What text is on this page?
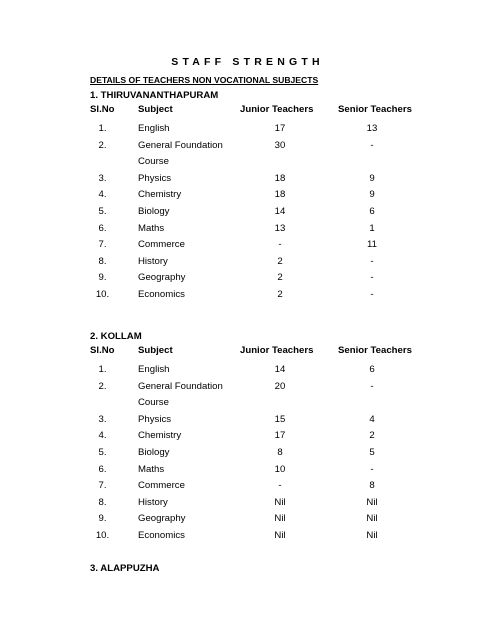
STAFF STRENGTH
DETAILS OF TEACHERS NON VOCATIONAL SUBJECTS
1. THIRUVANANTHAPURAM
Sl.No Subject	Junior Teachers	Senior Teachers
1.	English	17	13
2.	General Foundation	30	-
Course
3.	Physics	18	9
4.	Chemistry	18	9
5.	Biology	14	6
6.	Maths	13	1
7.	Commerce	-	11
8.	History	2	-
9.	Geography	2	-
10.	Economics	2	-
2. KOLLAM
Sl.No Subject	Junior Teachers	Senior Teachers
1.	English	14	6
2.	General Foundation	20	-
Course
3.	Physics	15	4
4.	Chemistry	17	2
5.	Biology	8	5
6.	Maths	10	-
7.	Commerce	-	8
8.	History	Nil	Nil
9.	Geography	Nil	Nil
10.	Economics	Nil	Nil
3. ALAPPUZHA
